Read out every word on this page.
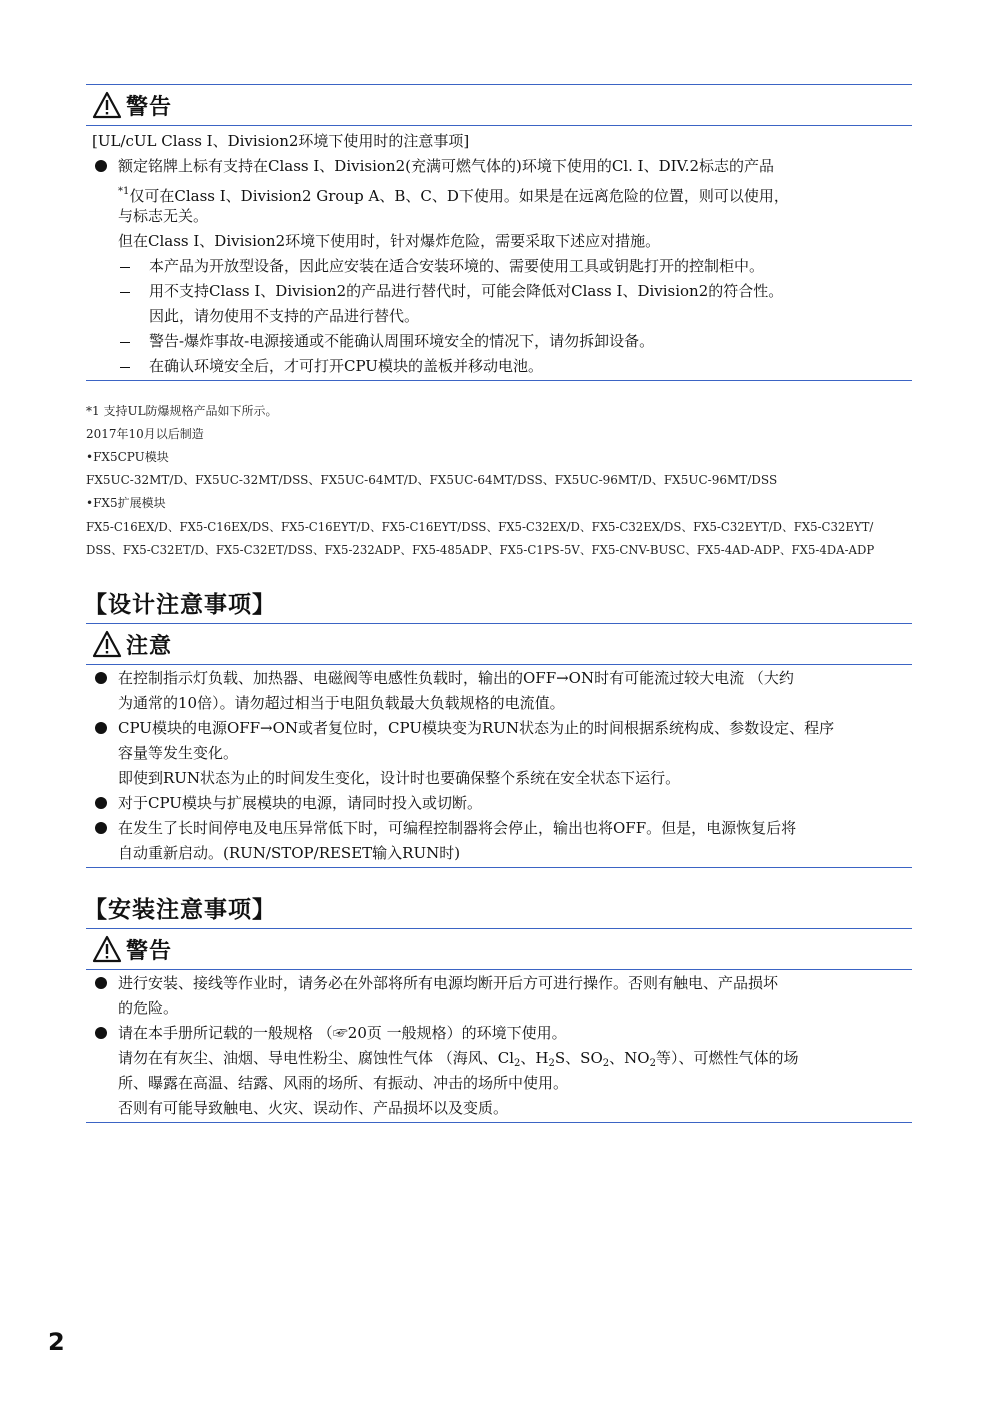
警告
[UL/cUL Class Ⅰ、Division2环境下使用时的注意事项]
额定铭牌上标有支持在Class Ⅰ、Division2(充满可燃气体的)环境下使用的Cl. Ⅰ、DIV.2标志的产品
$^{*1}$仅可在Class Ⅰ、Division2 Group A、B、C、D下使用。如果是在远离危险的位置，则可以使用，
与标志无关。
但在Class Ⅰ、Division2环境下使用时，针对爆炸危险，需要采取下述应对措施。
本产品为开放型设备，因此应安装在适合安装环境的、需要使用工具或钥匙打开的控制柜中。
用不支持Class Ⅰ、Division2的产品进行替代时，可能会降低对Class Ⅰ、Division2的符合性。
因此，请勿使用不支持的产品进行替代。
警告-爆炸事故-电源接通或不能确认周围环境安全的情况下，请勿拆卸设备。
在确认环境安全后，才可打开CPU模块的盖板并移动电池。
*1 支持UL防爆规格产品如下所示。
2017年10月以后制造
•FX5CPU模块
FX5UC-32MT/D、FX5UC-32MT/DSS、FX5UC-64MT/D、FX5UC-64MT/DSS、FX5UC-96MT/D、FX5UC-96MT/DSS
•FX5扩展模块
FX5-C16EX/D、FX5-C16EX/DS、FX5-C16EYT/D、FX5-C16EYT/DSS、FX5-C32EX/D、FX5-C32EX/DS、FX5-C32EYT/D、FX5-C32EYT/
DSS、FX5-C32ET/D、FX5-C32ET/DSS、FX5-232ADP、FX5-485ADP、FX5-C1PS-5V、FX5-CNV-BUSC、FX5-4AD-ADP、FX5-4DA-ADP
【设计注意事项】
注意
在控制指示灯负载、加热器、电磁阀等电感性负载时，输出的OFF→ON时有可能流过较大电流 （大约
为通常的10倍）。请勿超过相当于电阻负载最大负载规格的电流值。
CPU模块的电源OFF→ON或者复位时，CPU模块变为RUN状态为止的时间根据系统构成、参数设定、程序
容量等发生变化。
即使到RUN状态为止的时间发生变化，设计时也要确保整个系统在安全状态下运行。
对于CPU模块与扩展模块的电源，请同时投入或切断。
在发生了长时间停电及电压异常低下时，可编程控制器将会停止，输出也将OFF。但是，电源恢复后将
自动重新启动。(RUN/STOP/RESET输入RUN时)
【安装注意事项】
警告
进行安装、接线等作业时，请务必在外部将所有电源均断开后方可进行操作。否则有触电、产品损坏
的危险。
请在本手册所记载的一般规格 （☞20页 一般规格）的环境下使用。
请勿在有灰尘、油烟、导电性粉尘、腐蚀性气体 （海风、$Cl_2$、$H_2S$、$SO_2$、$NO_2$等）、可燃性气体的场
所、曝露在高温、结露、风雨的场所、有振动、冲击的场所中使用。
否则有可能导致触电、火灾、误动作、产品损坏以及变质。
2
